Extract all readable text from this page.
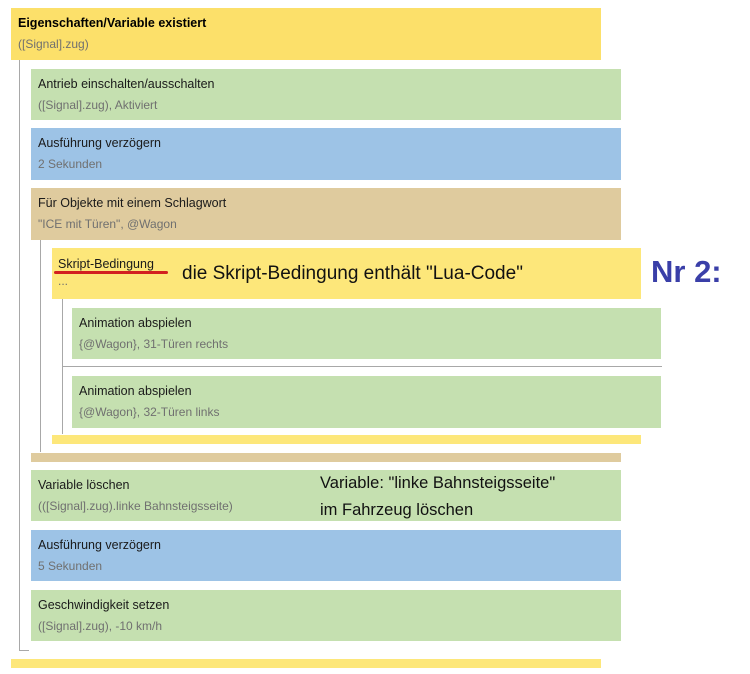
Eigenschaften/Variable existiert
([Signal].zug)
Antrieb einschalten/ausschalten
([Signal].zug), Aktiviert
Ausführung verzögern
2 Sekunden
Für Objekte mit einem Schlagwort
"ICE mit Türen", @Wagon
Skript-Bedingung
...
Animation abspielen
{@Wagon}, 31-Türen rechts
Animation abspielen
{@Wagon}, 32-Türen links
Variable löschen
(([Signal].zug).linke Bahnsteigsseite)
Ausführung verzögern
5 Sekunden
Geschwindigkeit setzen
([Signal].zug), -10 km/h
die Skript-Bedingung enthält "Lua-Code"	Nr 2:
Variable: "linke Bahnsteigsseite"
im Fahrzeug löschen
